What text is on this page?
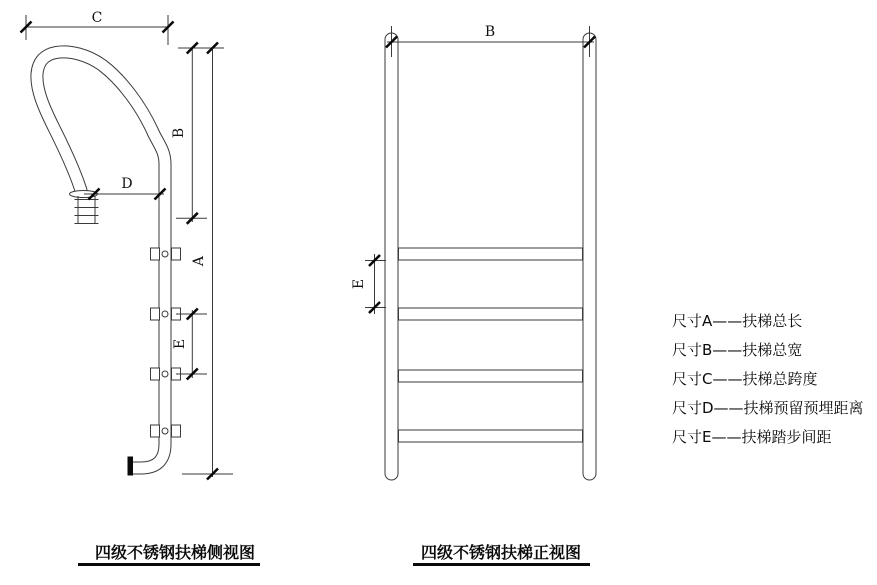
C
D
B
E
A
B
E
四级不锈钢扶梯侧视图	四级不锈钢扶梯正视图
尺寸A——扶梯总长
尺寸B——扶梯总宽
尺寸C——扶梯总跨度
尺寸D——扶梯预留预埋距离
尺寸E——扶梯踏步间距
